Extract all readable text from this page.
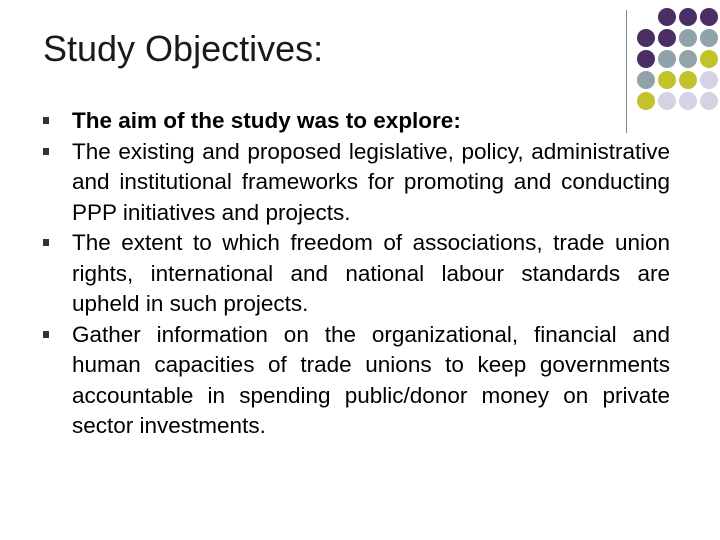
Study Objectives:
The aim of the study was to explore:
The existing and proposed legislative, policy, administrative and institutional frameworks for promoting and conducting PPP initiatives and projects.
The extent to which freedom of associations, trade union rights, international and national labour standards are upheld in such projects.
Gather information on the organizational, financial and human capacities of trade unions to keep governments accountable in spending public/donor money on private sector investments.
